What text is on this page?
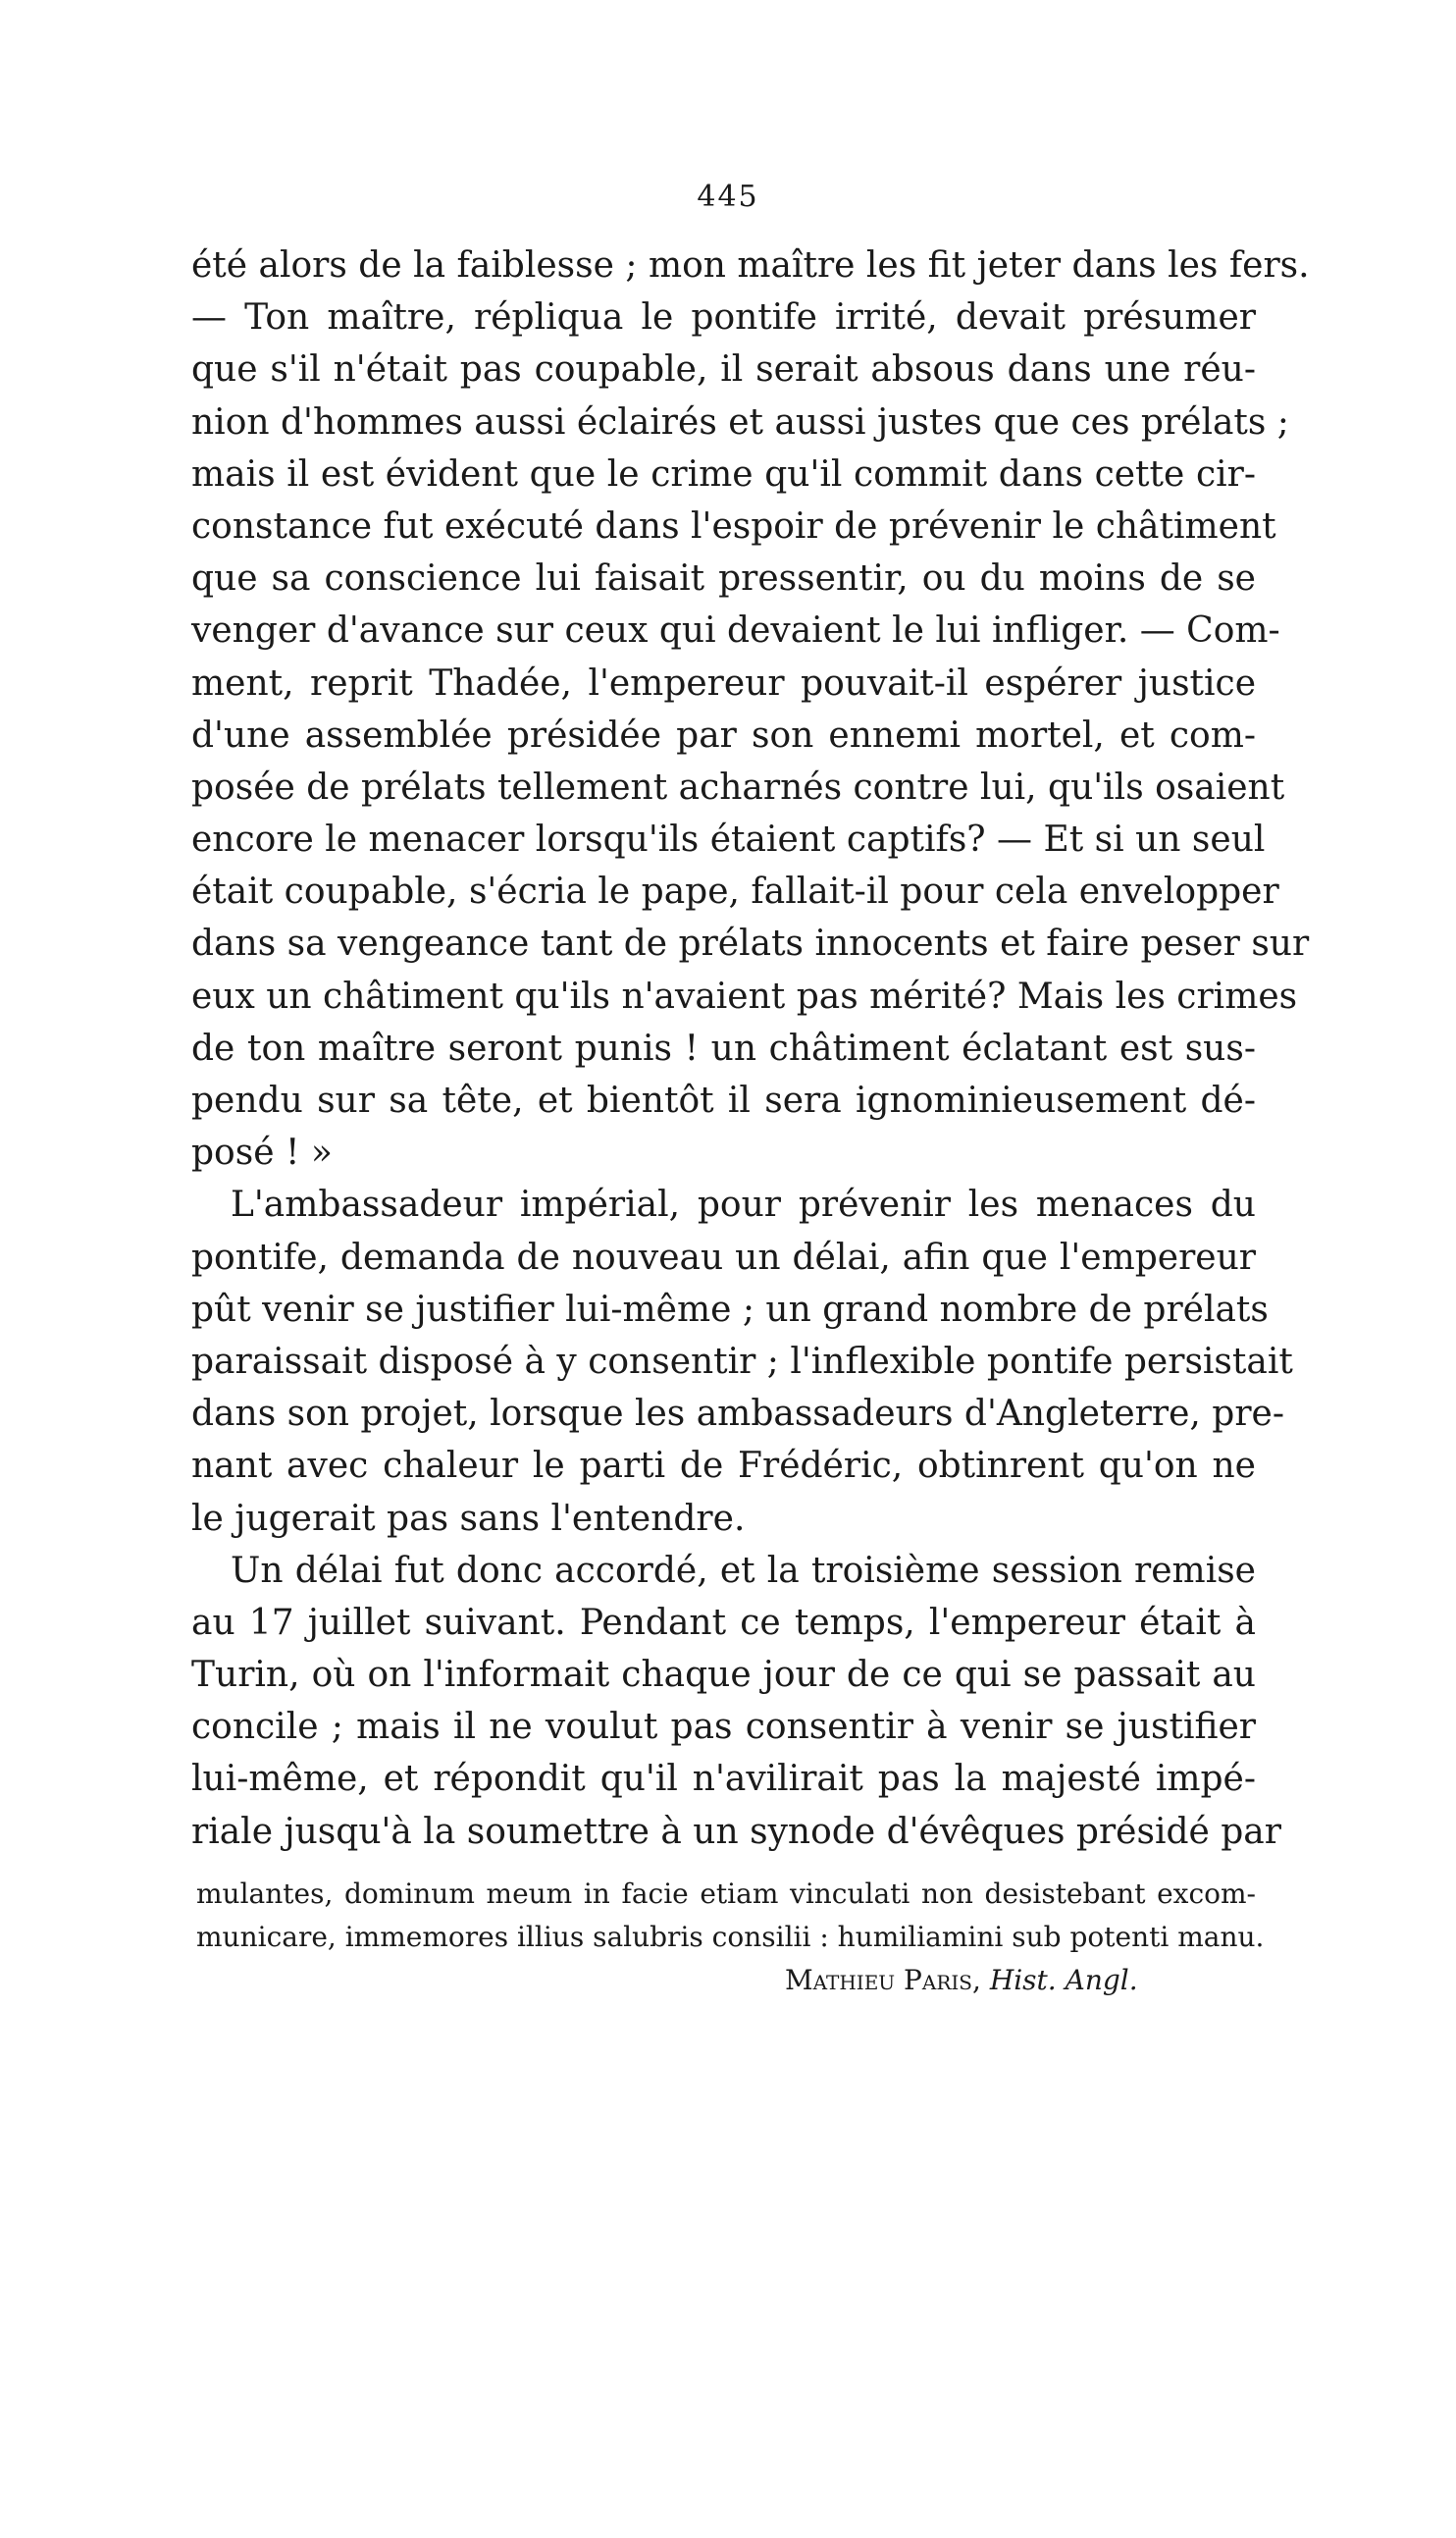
445
été alors de la faiblesse ; mon maître les fit jeter dans les fers.
— Ton maître, répliqua le pontife irrité, devait présumer
que s'il n'était pas coupable, il serait absous dans une réu-
nion d'hommes aussi éclairés et aussi justes que ces prélats ;
mais il est évident que le crime qu'il commit dans cette cir-
constance fut exécuté dans l'espoir de prévenir le châtiment
que sa conscience lui faisait pressentir, ou du moins de se
venger d'avance sur ceux qui devaient le lui infliger. — Com-
ment, reprit Thadée, l'empereur pouvait-il espérer justice
d'une assemblée présidée par son ennemi mortel, et com-
posée de prélats tellement acharnés contre lui, qu'ils osaient
encore le menacer lorsqu'ils étaient captifs? — Et si un seul
était coupable, s'écria le pape, fallait-il pour cela envelopper
dans sa vengeance tant de prélats innocents et faire peser sur
eux un châtiment qu'ils n'avaient pas mérité? Mais les crimes
de ton maître seront punis ! un châtiment éclatant est sus-
pendu sur sa tête, et bientôt il sera ignominieusement dé-
posé ! »
L'ambassadeur impérial, pour prévenir les menaces du
pontife, demanda de nouveau un délai, afin que l'empereur
pût venir se justifier lui-même ; un grand nombre de prélats
paraissait disposé à y consentir ; l'inflexible pontife persistait
dans son projet, lorsque les ambassadeurs d'Angleterre, pre-
nant avec chaleur le parti de Frédéric, obtinrent qu'on ne
le jugerait pas sans l'entendre.
Un délai fut donc accordé, et la troisième session remise
au 17 juillet suivant. Pendant ce temps, l'empereur était à
Turin, où on l'informait chaque jour de ce qui se passait au
concile ; mais il ne voulut pas consentir à venir se justifier
lui-même, et répondit qu'il n'avilirait pas la majesté impé-
riale jusqu'à la soumettre à un synode d'évêques présidé par
mulantes, dominum meum in facie etiam vinculati non desistebant excom-
municare, immemores illius salubris consilii : humiliamini sub potenti manu.
Mathieu Paris, Hist. Angl.
